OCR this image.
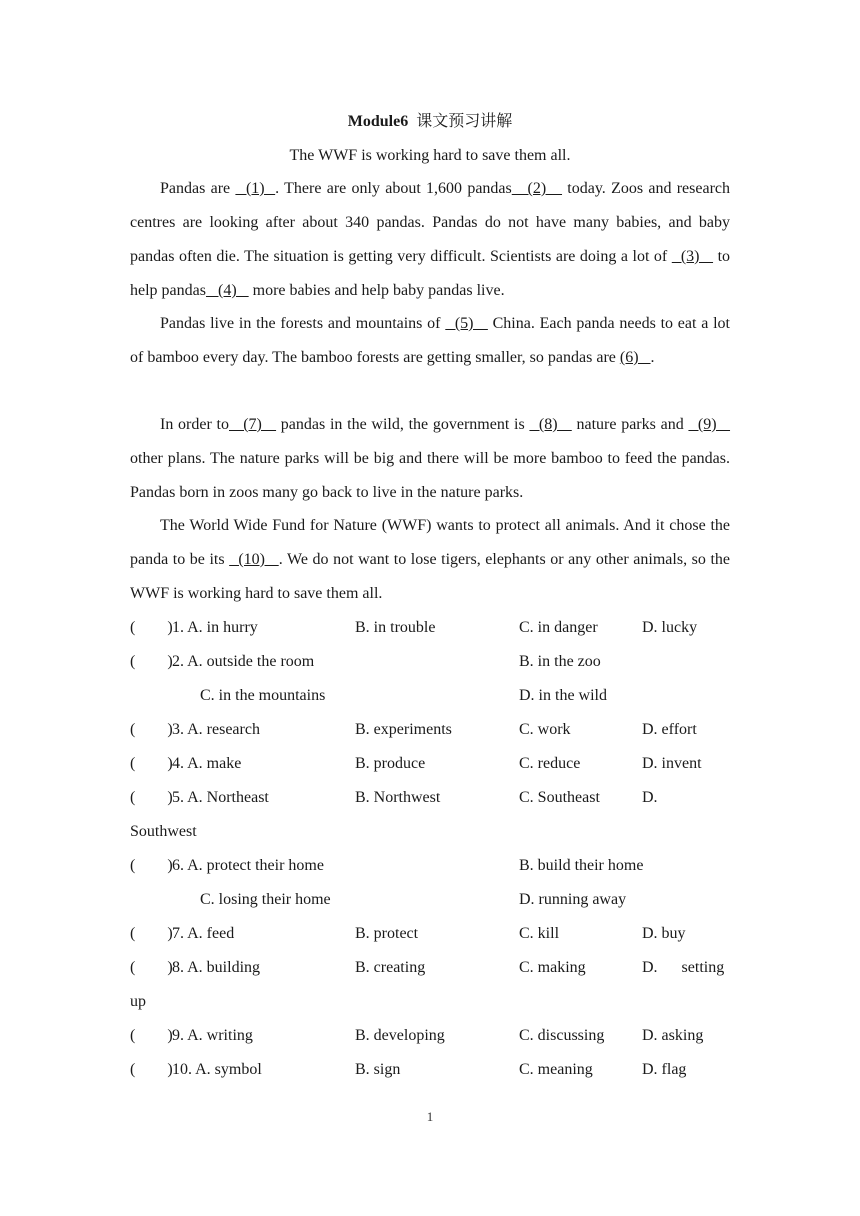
Module6 课文预习讲解
The WWF is working hard to save them all.
Pandas are   (1)  . There are only about 1,600 pandas   (2)    today. Zoos and research centres are looking after about 340 pandas. Pandas do not have many babies, and baby pandas often die. The situation is getting very difficult. Scientists are doing a lot of   (3)    to help pandas   (4)    more babies and help baby pandas live.
Pandas live in the forests and mountains of   (5)    China. Each panda needs to eat a lot of bamboo every day. The bamboo forests are getting smaller, so pandas are (6)   .
In order to   (7)    pandas in the wild, the government is   (8)    nature parks and   (9)    other plans. The nature parks will be big and there will be more bamboo to feed the pandas. Pandas born in zoos many go back to live in the nature parks.
The World Wide Fund for Nature (WWF) wants to protect all animals. And it chose the panda to be its   (10)   . We do not want to lose tigers, elephants or any other animals, so the WWF is working hard to save them all.
(        ) 1. A. in hurry	B. in trouble	C. in danger	D. lucky
(        ) 2. A. outside the room	B. in the zoo
C. in the mountains	D. in the wild
(        ) 3. A. research	B. experiments	C. work	D. effort
(        ) 4. A. make	B. produce	C. reduce	D. invent
(        ) 5. A. Northeast	B. Northwest	C. Southeast	D.
Southwest
(        ) 6. A. protect their home	B. build their home
C. losing their home	D. running away
(        ) 7. A. feed	B. protect	C. kill	D. buy
(        ) 8. A. building	B. creating	C. making	D.      setting
up
(        ) 9. A. writing	B. developing	C. discussing D. asking
(        ) 10. A. symbol	B. sign	C. meaning	D. flag
1
